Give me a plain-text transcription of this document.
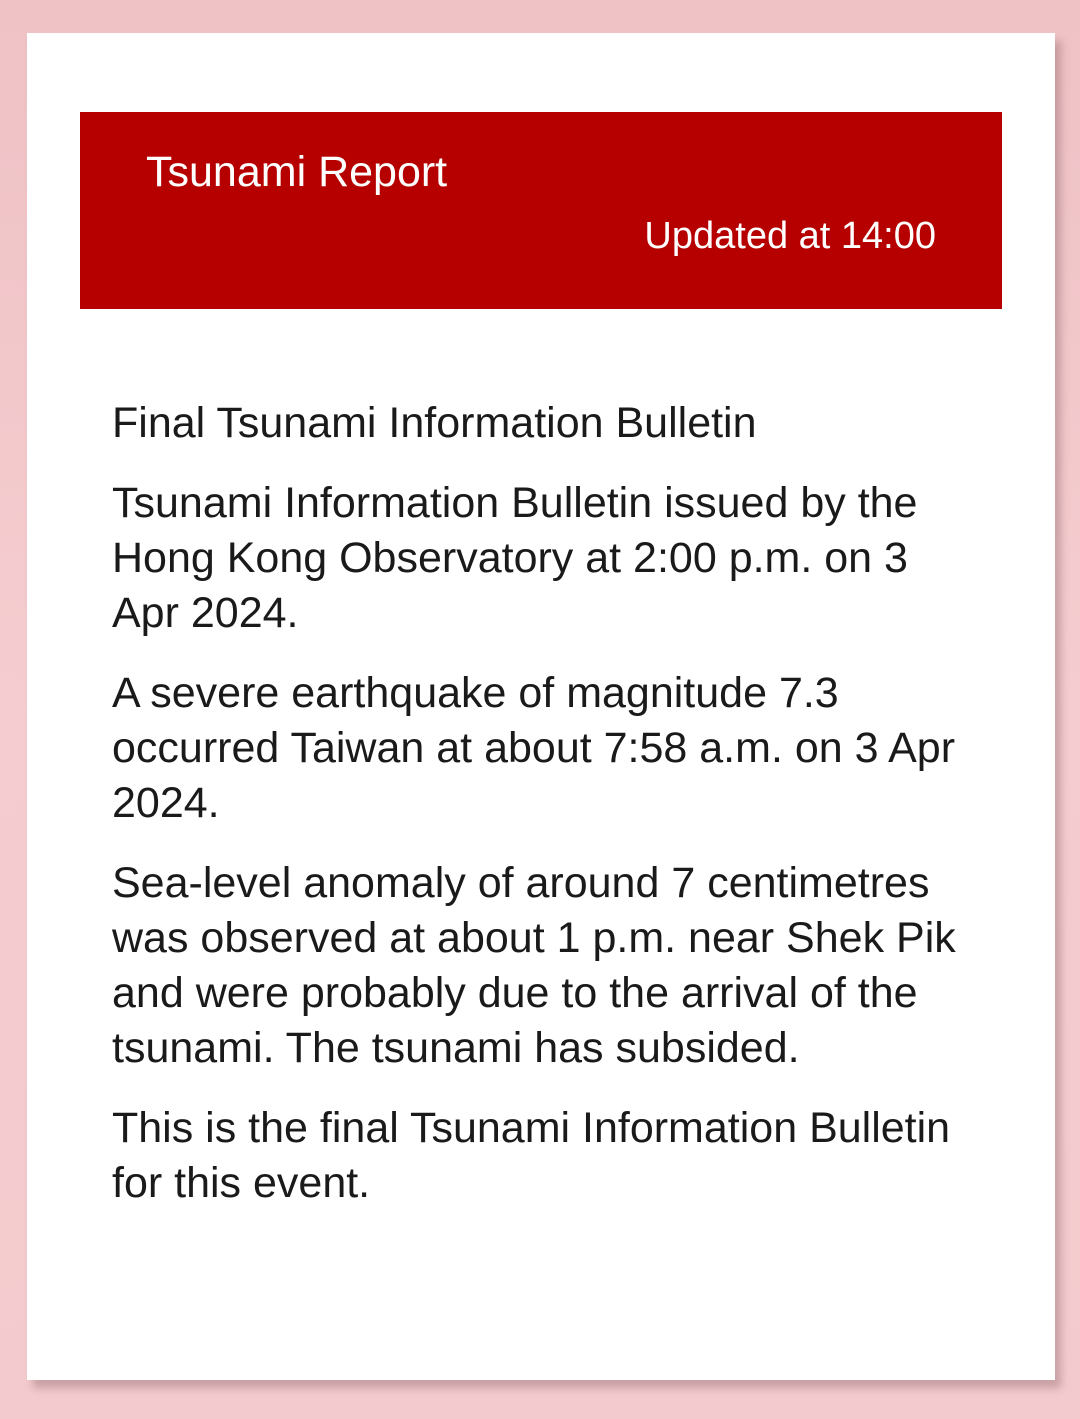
Tsunami Report
Updated at 14:00

Final Tsunami Information Bulletin

Tsunami Information Bulletin issued by the Hong Kong Observatory at 2:00 p.m. on 3 Apr 2024.

A severe earthquake of magnitude 7.3 occurred Taiwan at about 7:58 a.m. on 3 Apr 2024.

Sea-level anomaly of around 7 centimetres was observed at about 1 p.m. near Shek Pik and were probably due to the arrival of the tsunami. The tsunami has subsided.

This is the final Tsunami Information Bulletin for this event.
